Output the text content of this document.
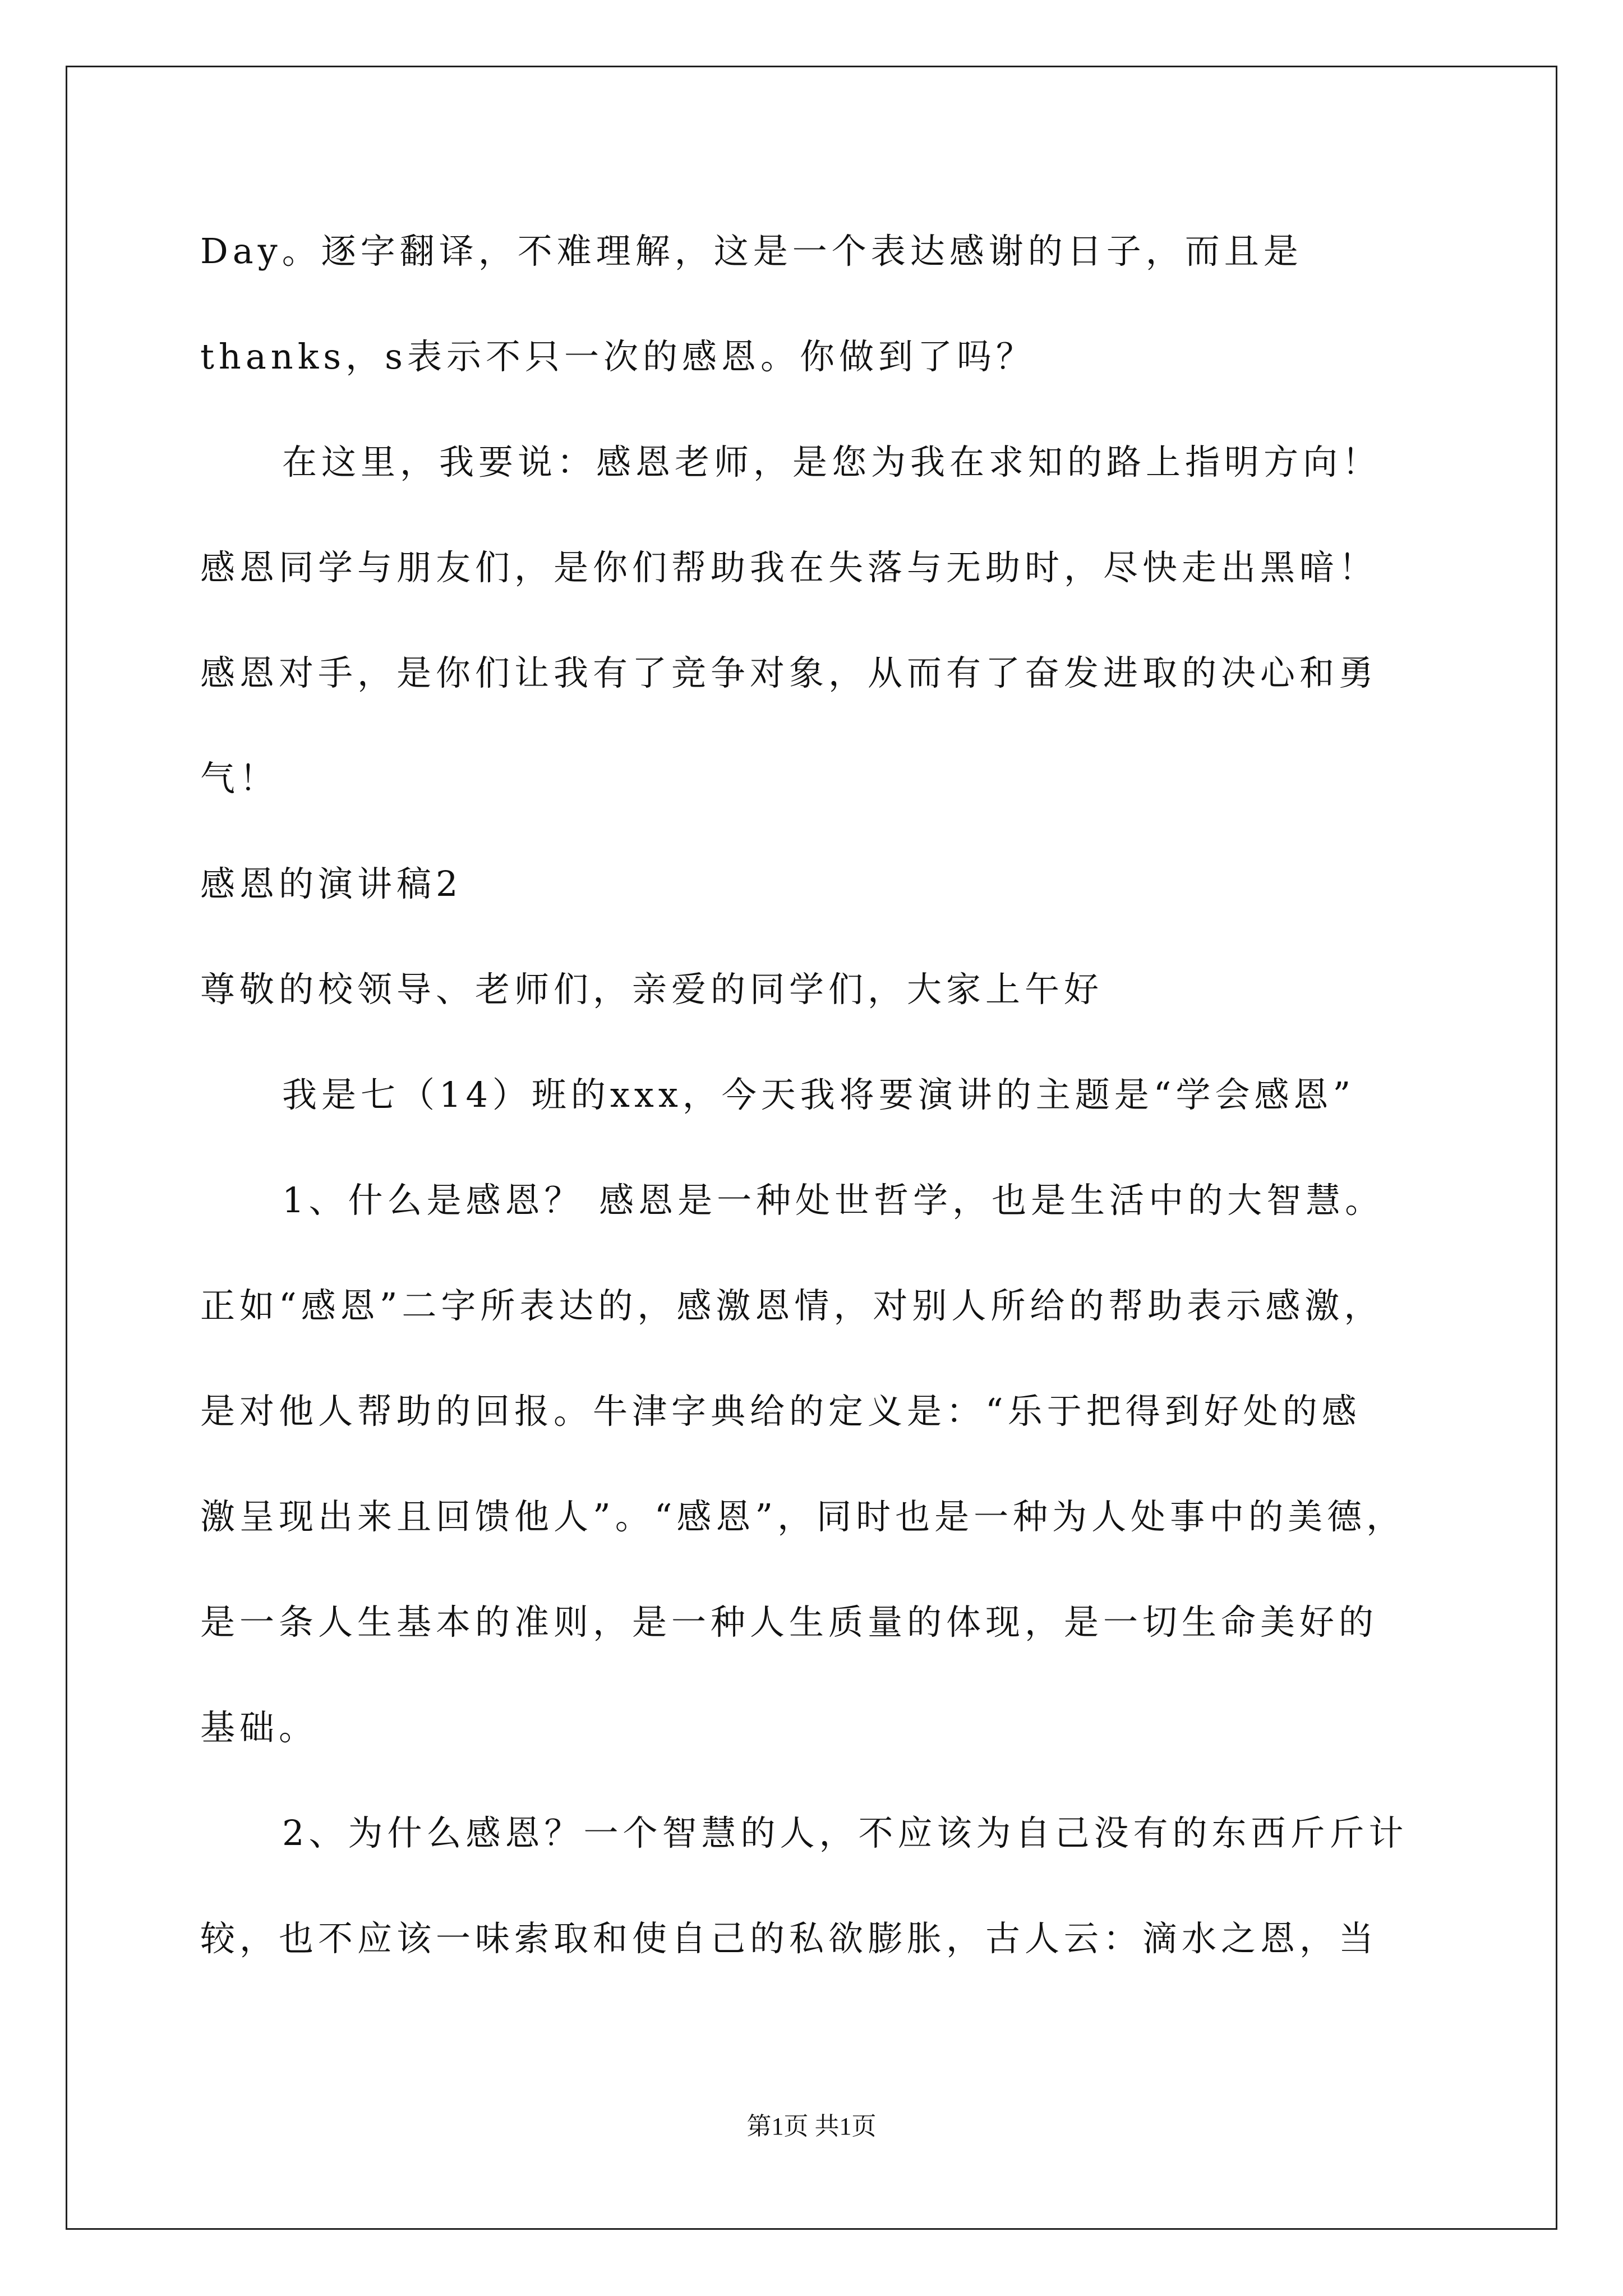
Day。逐字翻译，不难理解，这是一个表达感谢的日子，而且是
thanks，s表示不只一次的感恩。你做到了吗？
在这里，我要说：感恩老师，是您为我在求知的路上指明方向！
感恩同学与朋友们，是你们帮助我在失落与无助时，尽快走出黑暗！
感恩对手，是你们让我有了竞争对象，从而有了奋发进取的决心和勇
气！
感恩的演讲稿2
尊敬的校领导、老师们，亲爱的同学们，大家上午好
我是七（14）班的xxx，今天我将要演讲的主题是“学会感恩”
1、什么是感恩？ 感恩是一种处世哲学，也是生活中的大智慧。
正如“感恩”二字所表达的，感激恩情，对别人所给的帮助表示感激，
是对他人帮助的回报。牛津字典给的定义是：“乐于把得到好处的感
激呈现出来且回馈他人”。“感恩”，同时也是一种为人处事中的美德，
是一条人生基本的准则，是一种人生质量的体现，是一切生命美好的
基础。
2、为什么感恩？一个智慧的人，不应该为自己没有的东西斤斤计
较，也不应该一味索取和使自己的私欲膨胀，古人云：滴水之恩，当
第1页 共1页
